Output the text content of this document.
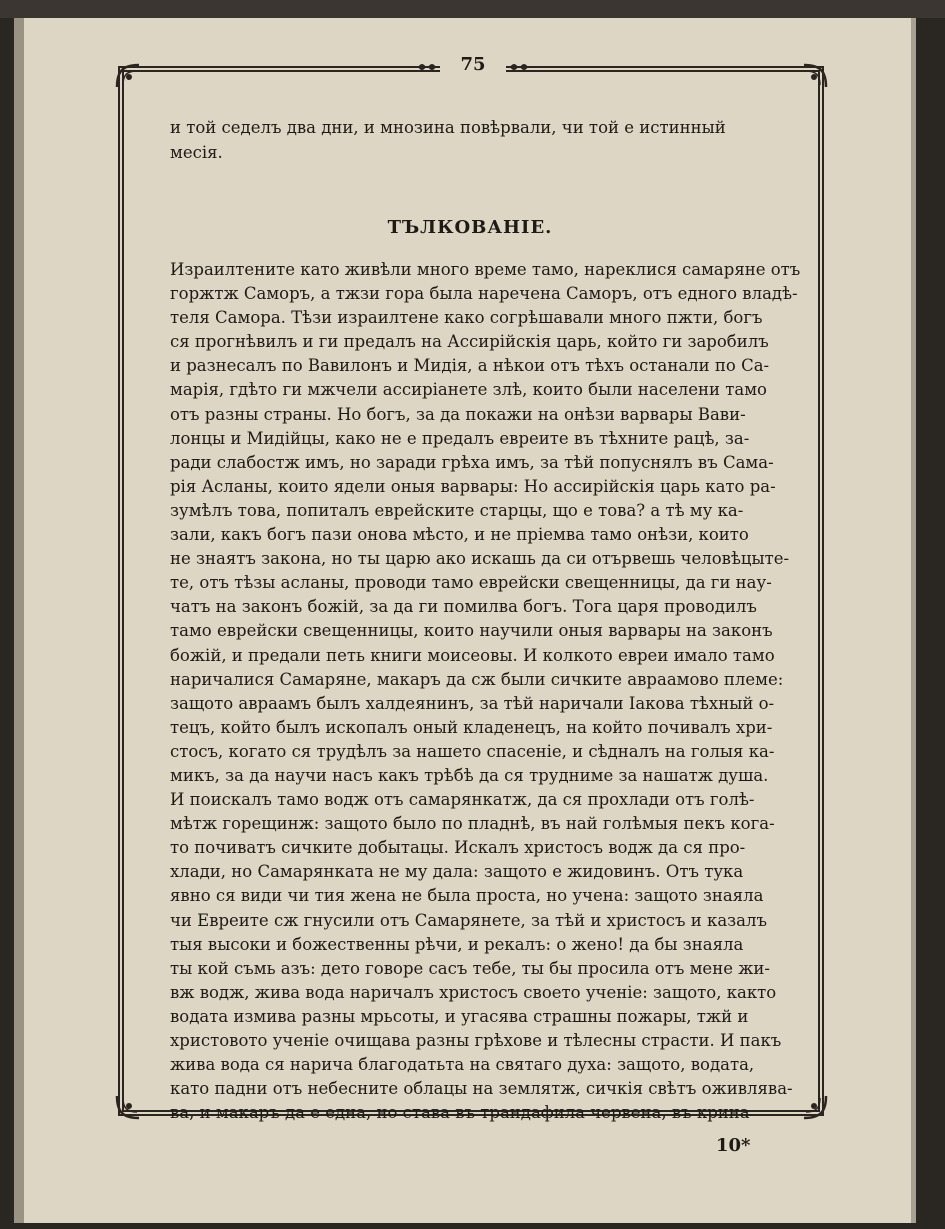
75

и той седелъ два дни, и мнозина повѣрвали, чи той е истинный
месія.

ТЪЛКОВАНІЕ.
Израилтените като живѣли много време тамо, нареклися самаряне отъ
горжтж Саморъ, а тжзи гора была наречена Саморъ, отъ едного владѣ-
теля Самора. Тѣзи израилтене како согрѣшавали много пжти, богъ
ся прогнѣвилъ и ги предалъ на Ассирійскія царь, който ги заробилъ
и разнесалъ по Вавилонъ и Мидія, а нѣкои отъ тѣхъ останали по Са-
марія, гдѣто ги мжчели ассиріанете злѣ, които были населени тамо
отъ разны страны. Но богъ, за да покажи на онѣзи варвары Вави-
лонцы и Мидійцы, како не е предалъ евреите въ тѣхните рацѣ, за-
ради слабостж имъ, но заради грѣха имъ, за тѣй попуснялъ въ Сама-
рія Асланы, които ядели оныя варвары: Но ассирійскія царь като ра-
зумѣлъ това, попиталъ еврейските старцы, що е това? а тѣ му ка-
зали, какъ богъ пази онова мѣсто, и не пріемва тамо онѣзи, които
не знаятъ закона, но ты царю ако искашь да си отървешь человѣцыте-
те, отъ тѣзы асланы, проводи тамо еврейски свещенницы, да ги нау-
чатъ на законъ божій, за да ги помилва богъ. Тога царя проводилъ
тамо еврейски свещенницы, които научили оныя варвары на законъ
божій, и предали петь книги моисеовы. И колкото евреи имало тамо
наричалися Самаряне, макаръ да сж были сичките авраамово племе:
защото авраамъ былъ халдеянинъ, за тѣй наричали Іакова тѣхный о-
тецъ, който былъ ископалъ оный кладенецъ, на който почивалъ хри-
стосъ, когато ся трудѣлъ за нашето спасеніе, и сѣдналъ на голыя ка-
микъ, за да научи насъ какъ трѣбѣ да ся труднимe за нашатж душа.
И поискалъ тамо водж отъ самарянкатж, да ся прохлади отъ голѣ-
мѣтж горещинж: защото было по пладнѣ, въ най голѣмыя пекъ кога-
то почиватъ сичките добытацы. Искалъ христосъ водж да ся про-
хлади, но Самарянката не му дала: защото е жидовинъ. Отъ тука
явно ся види чи тия жена не была проста, но учена: защото знаяла
чи Евреите сж гнусили отъ Самарянете, за тѣй и христосъ и казалъ
тыя высоки и божественны рѣчи, и рекалъ: о жено! да бы знаяла
ты кой съмь азъ: дето говоре сасъ тебе, ты бы просила отъ мене жи-
вж водж, жива вода наричалъ христосъ своето ученіе: защото, както
водата измива разны мрьсоты, и угасява страшны пожары, тжй и
христовото ученіе очищава разны грѣхове и тѣлесны страсти. И пакъ
жива вода ся нарича благодатьта на святаго духа: защото, водата,
като падни отъ небесните облацы на землятж, сичкія свѣтъ оживлява-
ва, и макаръ да е една, но става въ трандафила червена, въ крина
10*
